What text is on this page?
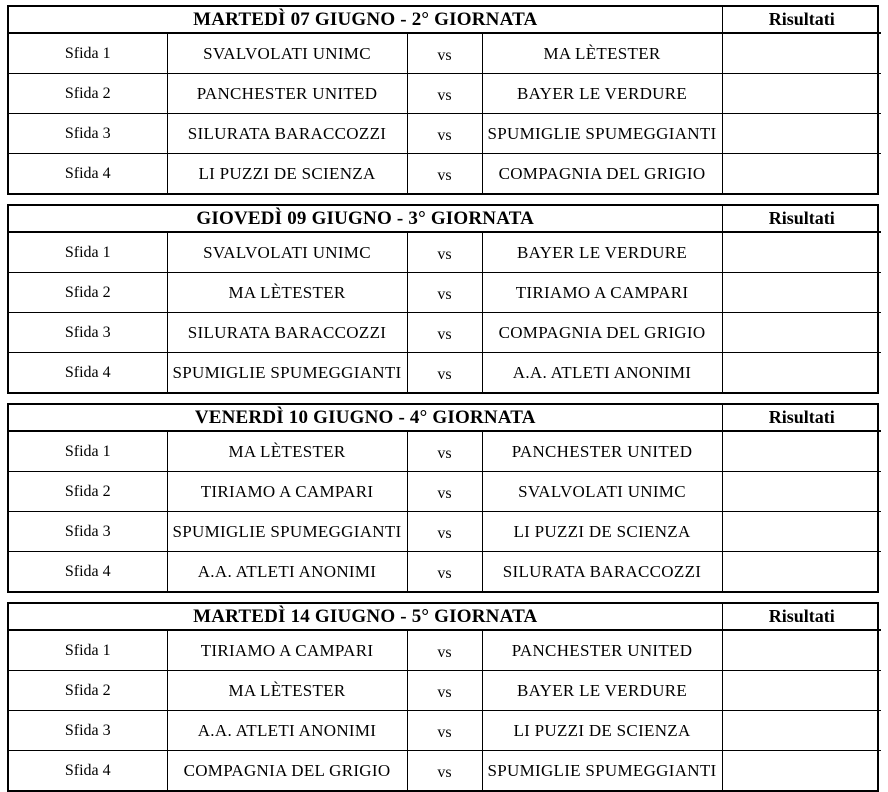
MARTEDÌ 07 GIUGNO - 2° GIORNATA				Risultati
Sfida 1	SVALVOLATI UNIMC	vs	MA LÈTESTER	
Sfida 2	PANCHESTER UNITED	vs	BAYER LE VERDURE	
Sfida 3	SILURATA BARACCOZZI	vs	SPUMIGLIE SPUMEGGIANTI	
Sfida 4	LI PUZZI DE SCIENZA	vs	COMPAGNIA DEL GRIGIO	
GIOVEDÌ 09 GIUGNO - 3° GIORNATA				Risultati
Sfida 1	SVALVOLATI UNIMC	vs	BAYER LE VERDURE	
Sfida 2	MA LÈTESTER	vs	TIRIAMO A CAMPARI	
Sfida 3	SILURATA BARACCOZZI	vs	COMPAGNIA DEL GRIGIO	
Sfida 4	SPUMIGLIE SPUMEGGIANTI	vs	A.A. ATLETI ANONIMI	
VENERDÌ 10 GIUGNO - 4° GIORNATA				Risultati
Sfida 1	MA LÈTESTER	vs	PANCHESTER UNITED	
Sfida 2	TIRIAMO A CAMPARI	vs	SVALVOLATI UNIMC	
Sfida 3	SPUMIGLIE SPUMEGGIANTI	vs	LI PUZZI DE SCIENZA	
Sfida 4	A.A. ATLETI ANONIMI	vs	SILURATA BARACCOZZI	
MARTEDÌ 14 GIUGNO - 5° GIORNATA				Risultati
Sfida 1	TIRIAMO A CAMPARI	vs	PANCHESTER UNITED	
Sfida 2	MA LÈTESTER	vs	BAYER LE VERDURE	
Sfida 3	A.A. ATLETI ANONIMI	vs	LI PUZZI DE SCIENZA	
Sfida 4	COMPAGNIA DEL GRIGIO	vs	SPUMIGLIE SPUMEGGIANTI	
